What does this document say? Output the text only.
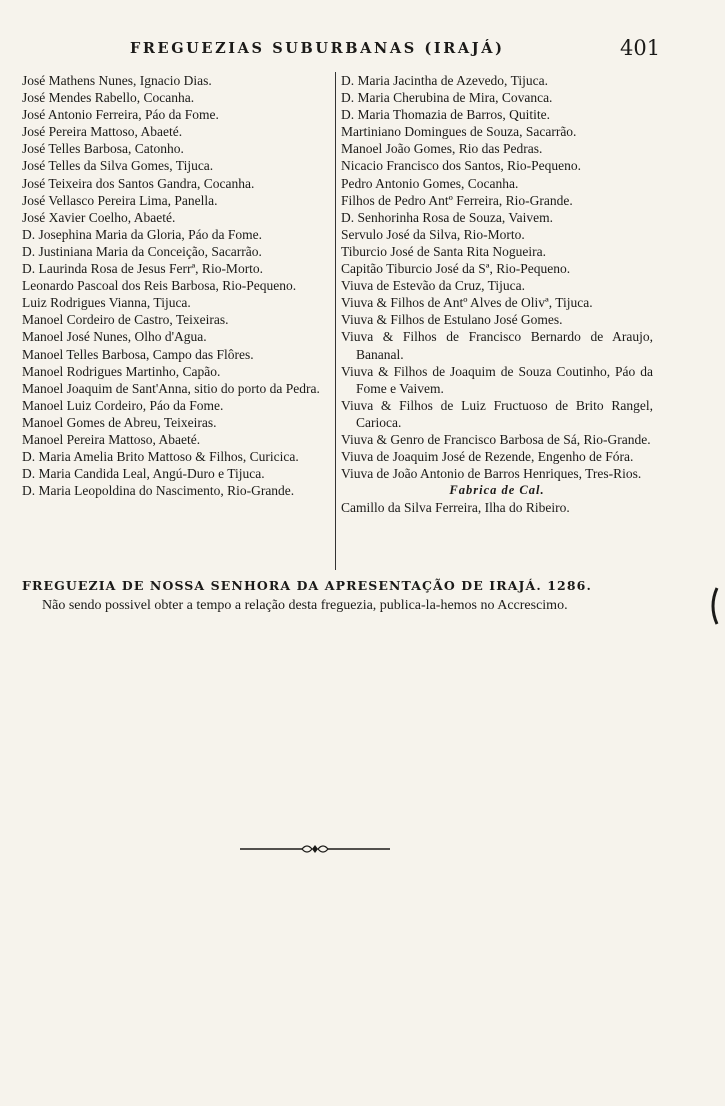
FREGUEZIAS SUBURBANAS (IRAJÁ)	401
José Mathens Nunes, Ignacio Dias.
José Mendes Rabello, Cocanha.
José Antonio Ferreira, Páo da Fome.
José Pereira Mattoso, Abaeté.
José Telles Barbosa, Catonho.
José Telles da Silva Gomes, Tijuca.
José Teixeira dos Santos Gandra, Cocanha.
José Vellasco Pereira Lima, Panella.
José Xavier Coelho, Abaeté.
D. Josephina Maria da Gloria, Páo da Fome.
D. Justiniana Maria da Conceição, Sacarrão.
D. Laurinda Rosa de Jesus Ferrª, Rio-Morto.
Leonardo Pascoal dos Reis Barbosa, Rio-Pequeno.
Luiz Rodrigues Vianna, Tijuca.
Manoel Cordeiro de Castro, Teixeiras.
Manoel José Nunes, Olho d'Agua.
Manoel Telles Barbosa, Campo das Flôres.
Manoel Rodrigues Martinho, Capão.
Manoel Joaquim de Sant'Anna, sitio do porto da Pedra.
Manoel Luiz Cordeiro, Páo da Fome.
Manoel Gomes de Abreu, Teixeiras.
Manoel Pereira Mattoso, Abaeté.
D. Maria Amelia Brito Mattoso & Filhos, Curicica.
D. Maria Candida Leal, Angú-Duro e Tijuca.
D. Maria Leopoldina do Nascimento, Rio-Grande.
D. Maria Jacintha de Azevedo, Tijuca.
D. Maria Cherubina de Mira, Covanca.
D. Maria Thomazia de Barros, Quitite.
Martiniano Domingues de Souza, Sacarrão.
Manoel João Gomes, Rio das Pedras.
Nicacio Francisco dos Santos, Rio-Pequeno.
Pedro Antonio Gomes, Cocanha.
Filhos de Pedro Antº Ferreira, Rio-Grande.
D. Senhorinha Rosa de Souza, Vaivem.
Servulo José da Silva, Rio-Morto.
Tiburcio José de Santa Rita Nogueira.
Capitão Tiburcio José da Sª, Rio-Pequeno.
Viuva de Estevão da Cruz, Tijuca.
Viuva & Filhos de Antº Alves de Olivª, Tijuca.
Viuva & Filhos de Estulano José Gomes.
Viuva & Filhos de Francisco Bernardo de Araujo, Bananal.
Viuva & Filhos de Joaquim de Souza Coutinho, Páo da Fome e Vaivem.
Viuva & Filhos de Luiz Fructuoso de Brito Rangel, Carioca.
Viuva & Genro de Francisco Barbosa de Sá, Rio-Grande.
Viuva de Joaquim José de Rezende, Engenho de Fóra.
Viuva de João Antonio de Barros Henriques, Tres-Rios.
Fabrica de Cal.
Camillo da Silva Ferreira, Ilha do Ribeiro.
FREGUEZIA DE NOSSA SENHORA DA APRESENTAÇÃO DE IRAJÁ. 1286.
Não sendo possivel obter a tempo a relação desta freguezia, publica-la-hemos no Accrescimo.
